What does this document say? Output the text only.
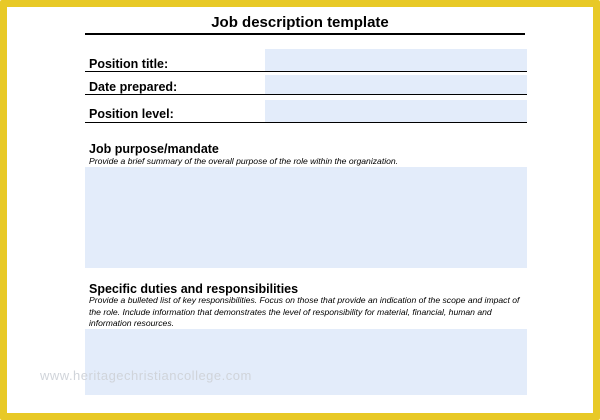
Job description template
Position title:
Date prepared:
Position level:
Job purpose/mandate
Provide a brief summary of the overall purpose of the role within the organization.
Specific duties and responsibilities
Provide a bulleted list of key responsibilities. Focus on those that provide an indication of the scope and impact of the role. Include information that demonstrates the level of responsibility for material, financial, human and information resources.
www.heritagechristiancollege.com
